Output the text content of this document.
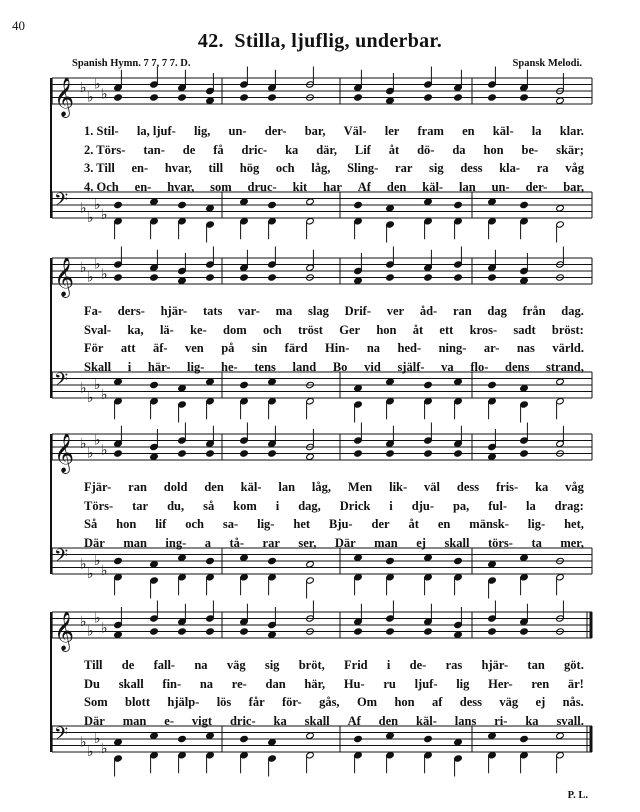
40
42. Stilla, ljuflig, underbar.
Spanish Hymn. 7 7, 7 7. D.	Spansk Melodi.
P. L.
𝄞 ♭
♭
♭
♭
𝄢 ♭
♭
♭
♭
1. Stil- la, ljuf- lig, un- der- bar, Väl- ler fram en käl- la klar.
2. Törs- tan- de få dric- ka där, Lif åt dö- da hon be- skär;
3. Till en- hvar, till hög och låg, Sling- rar sig dess kla- ra våg
4. Och en- hvar, som druc- kit har Af den käl- lan un- der- bar,
𝄞 ♭
♭
♭
♭
𝄢 ♭
♭
♭
♭
Fa- ders- hjär- tats var- ma slag Drif- ver åd- ran dag från dag.
Sval- ka, lä- ke- dom och tröst Ger hon åt ett kros- sadt bröst:
För att äf- ven på sin färd Hin- na hed- ning- ar- nas värld.
Skall i här- lig- he- tens land Bo vid själf- va flo- dens strand,
𝄞 ♭
♭
♭
♭
𝄢 ♭
♭
♭
♭
Fjär- ran dold den käl- lan låg, Men lik- väl dess fris- ka våg
Törs- tar du, så kom i dag, Drick i dju- pa, ful- la drag:
Så hon lif och sa- lig- het Bju- der åt en mänsk- lig- het,
Där man ing- a tå- rar ser, Där man ej skall törs- ta mer,
𝄞 ♭
♭
♭
♭
𝄢 ♭
♭
♭
♭
Till de fall- na väg sig bröt, Frid i de- ras hjär- tan göt.
Du skall fin- na re- dan här, Hu- ru ljuf- lig Her- ren är!
Som blott hjälp- lös får för- gås, Om hon af dess väg ej nås.
Där man e- vigt dric- ka skall Af den käl- lans ri- ka svall.
